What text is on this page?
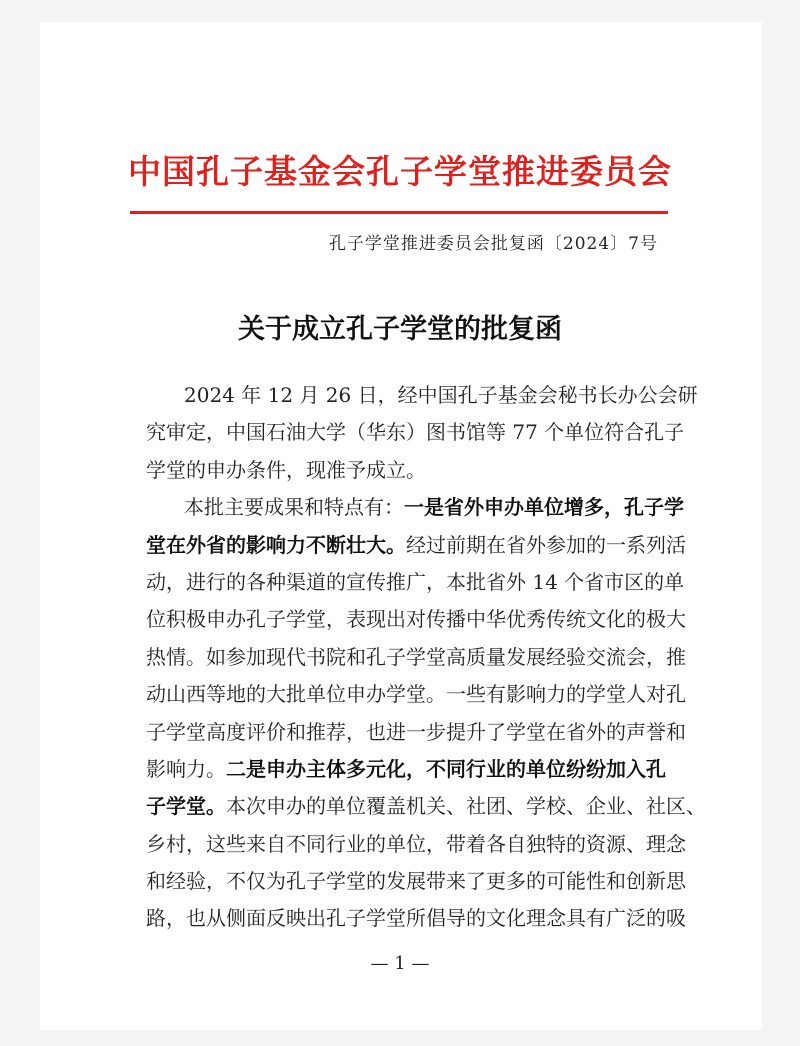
中国孔子基金会孔子学堂推进委员会
孔子学堂推进委员会批复函〔2024〕7号
关于成立孔子学堂的批复函
2024 年 12 月 26 日，经中国孔子基金会秘书长办公会研
究审定，中国石油大学（华东）图书馆等 77 个单位符合孔子
学堂的申办条件，现准予成立。
本批主要成果和特点有：一是省外申办单位增多，孔子学
堂在外省的影响力不断壮大。经过前期在省外参加的一系列活
动，进行的各种渠道的宣传推广，本批省外 14 个省市区的单
位积极申办孔子学堂，表现出对传播中华优秀传统文化的极大
热情。如参加现代书院和孔子学堂高质量发展经验交流会，推
动山西等地的大批单位申办学堂。一些有影响力的学堂人对孔
子学堂高度评价和推荐，也进一步提升了学堂在省外的声誉和
影响力。二是申办主体多元化，不同行业的单位纷纷加入孔
子学堂。本次申办的单位覆盖机关、社团、学校、企业、社区、
乡村，这些来自不同行业的单位，带着各自独特的资源、理念
和经验，不仅为孔子学堂的发展带来了更多的可能性和创新思
路，也从侧面反映出孔子学堂所倡导的文化理念具有广泛的吸
— 1 —
